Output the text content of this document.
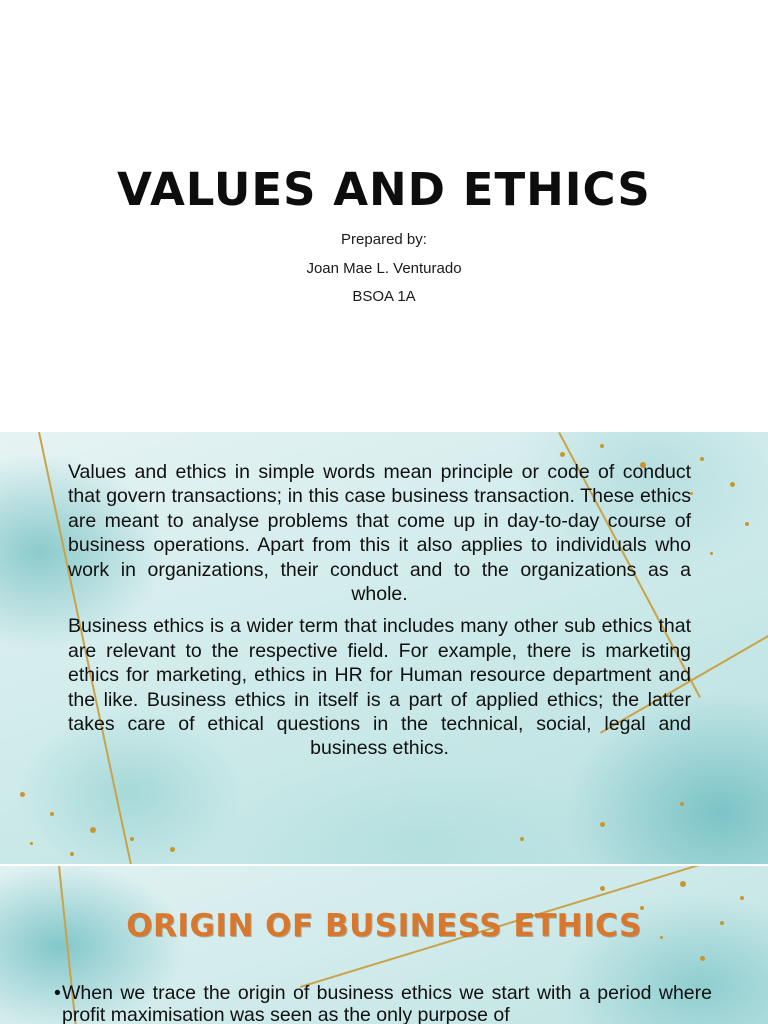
VALUES AND ETHICS
Prepared by:
Joan Mae L. Venturado
BSOA 1A

Values and ethics in simple words mean principle or code of conduct that govern transactions; in this case business transaction. These ethics are meant to analyse problems that come up in day-to-day course of business operations. Apart from this it also applies to individuals who work in organizations, their conduct and to the organizations as a whole.

Business ethics is a wider term that includes many other sub ethics that are relevant to the respective field. For example, there is marketing ethics for marketing, ethics in HR for Human resource department and the like. Business ethics in itself is a part of applied ethics; the latter takes care of ethical questions in the technical, social, legal and business ethics.

ORIGIN OF BUSINESS ETHICS
• When we trace the origin of business ethics we start with a period where profit maximisation was seen as the only purpose of
